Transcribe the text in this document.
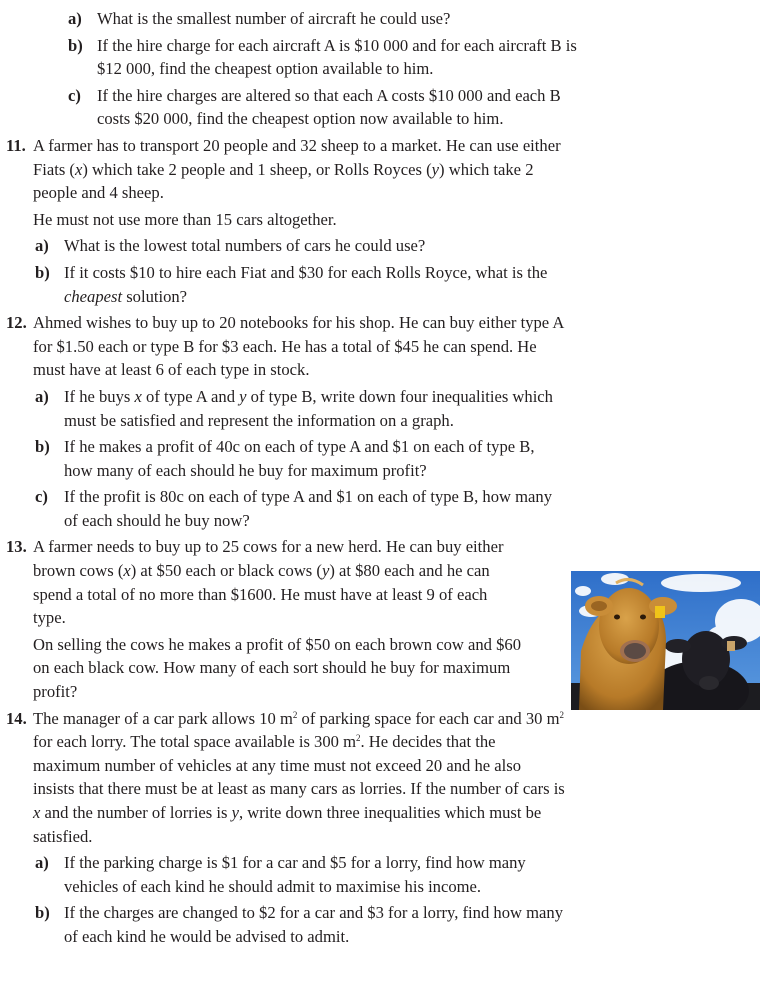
a) What is the smallest number of aircraft he could use?
b) If the hire charge for each aircraft A is $10 000 and for each aircraft B is $12 000, find the cheapest option available to him.
c) If the hire charges are altered so that each A costs $10 000 and each B costs $20 000, find the cheapest option now available to him.
11. A farmer has to transport 20 people and 32 sheep to a market. He can use either Fiats (x) which take 2 people and 1 sheep, or Rolls Royces (y) which take 2 people and 4 sheep.

He must not use more than 15 cars altogether.

a) What is the lowest total numbers of cars he could use?
b) If it costs $10 to hire each Fiat and $30 for each Rolls Royce, what is the cheapest solution?
12. Ahmed wishes to buy up to 20 notebooks for his shop. He can buy either type A for $1.50 each or type B for $3 each. He has a total of $45 he can spend. He must have at least 6 of each type in stock.

a) If he buys x of type A and y of type B, write down four inequalities which must be satisfied and represent the information on a graph.
b) If he makes a profit of 40c on each of type A and $1 on each of type B, how many of each should he buy for maximum profit?
c) If the profit is 80c on each of type A and $1 on each of type B, how many of each should he buy now?
13. A farmer needs to buy up to 25 cows for a new herd. He can buy either brown cows (x) at $50 each or black cows (y) at $80 each and he can spend a total of no more than $1600. He must have at least 9 of each type.

On selling the cows he makes a profit of $50 on each brown cow and $60 on each black cow. How many of each sort should he buy for maximum profit?

14. The manager of a car park allows 10 $m^2$ of parking space for each car and 30 $m^2$ for each lorry. The total space available is 300 $m^2$. He decides that the maximum number of vehicles at any time must not exceed 20 and he also insists that there must be at least as many cars as lorries. If the number of cars is x and the number of lorries is y, write down three inequalities which must be satisfied.

a) If the parking charge is $1 for a car and $5 for a lorry, find how many vehicles of each kind he should admit to maximise his income.
b) If the charges are changed to $2 for a car and $3 for a lorry, find how many of each kind he would be advised to admit.
